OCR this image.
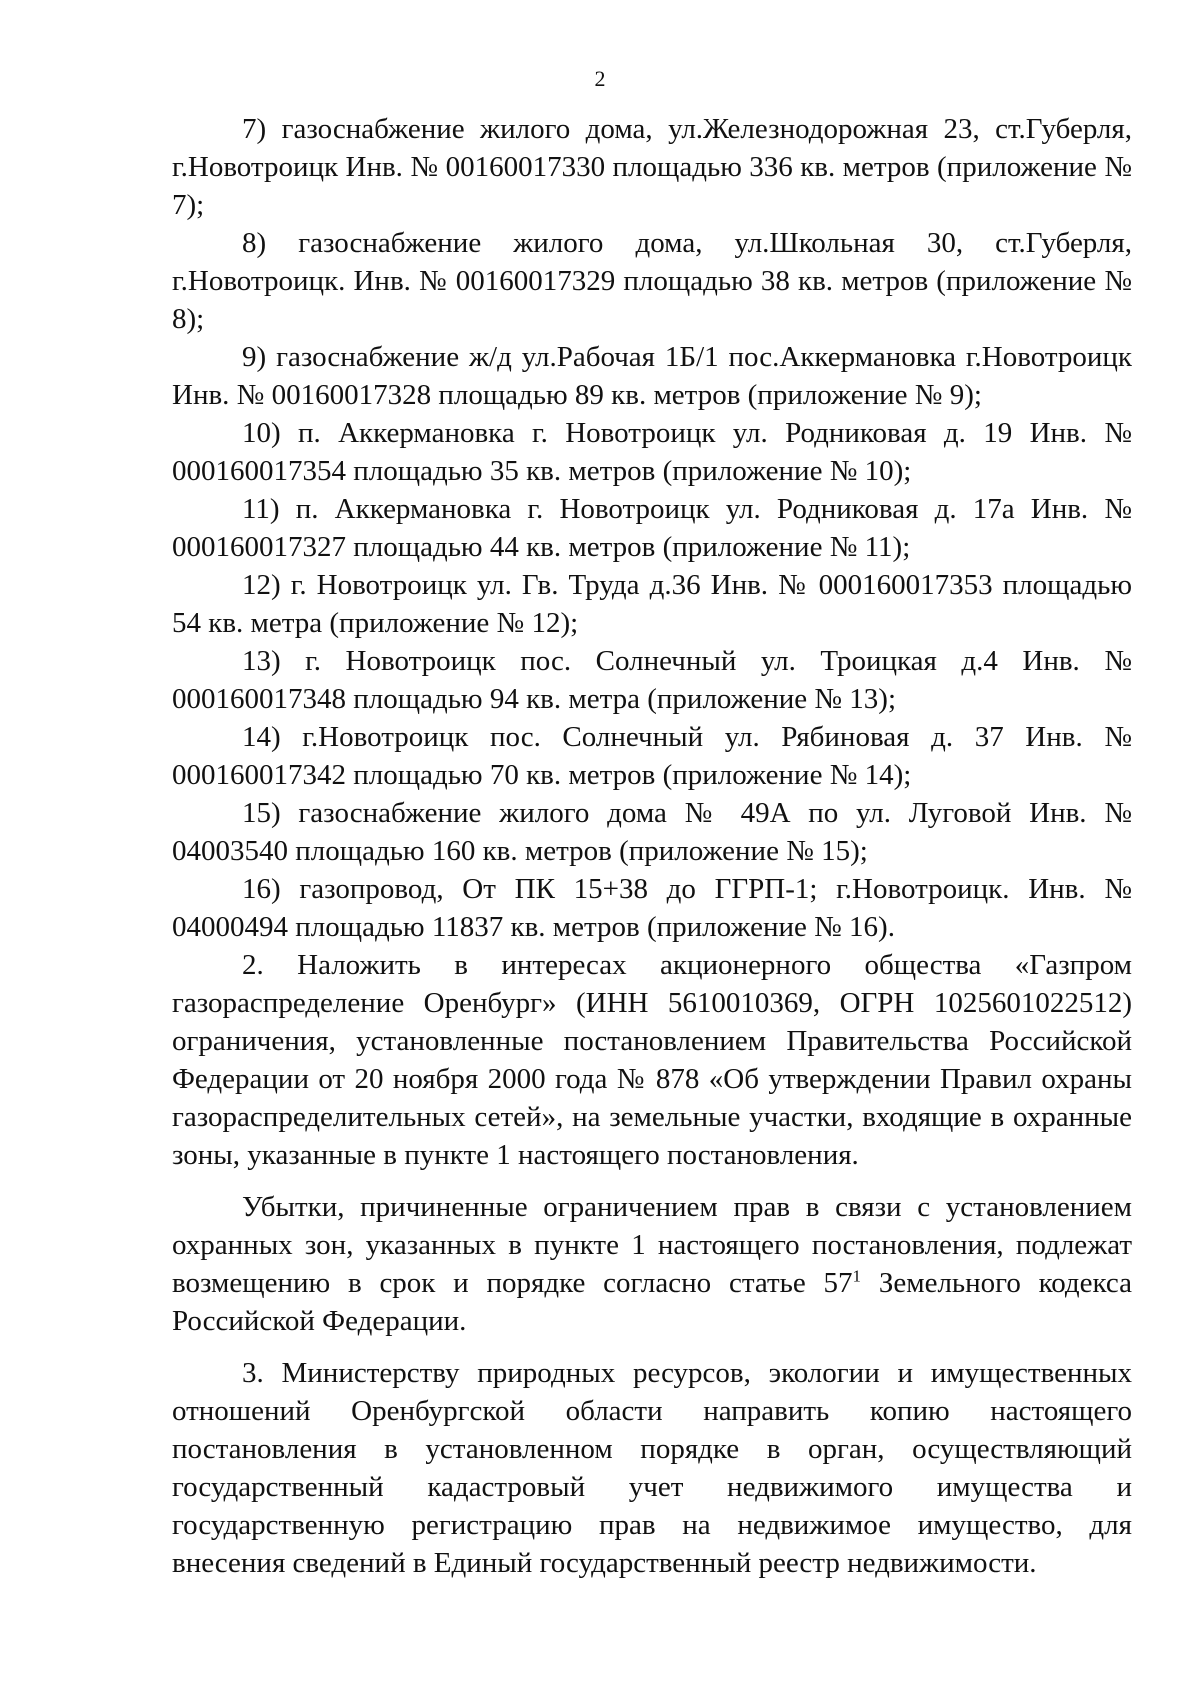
2

7) газоснабжение жилого дома, ул.Железнодорожная 23, ст.Губерля, г.Новотроицк Инв. № 00160017330 площадью 336 кв. метров (приложение № 7);

8) газоснабжение жилого дома, ул.Школьная 30, ст.Губерля, г.Новотроицк. Инв. № 00160017329 площадью 38 кв. метров (приложение № 8);

9) газоснабжение ж/д ул.Рабочая 1Б/1 пос.Аккермановка г.Новотроицк Инв. № 00160017328 площадью 89 кв. метров (приложение № 9);

10) п. Аккермановка г. Новотроицк ул. Родниковая д. 19 Инв. № 000160017354 площадью 35 кв. метров (приложение № 10);

11) п. Аккермановка г. Новотроицк ул. Родниковая д. 17а Инв. № 000160017327 площадью 44 кв. метров (приложение № 11);

12) г. Новотроицк ул. Гв. Труда д.36 Инв. № 000160017353 площадью 54 кв. метра (приложение № 12);

13) г. Новотроицк пос. Солнечный ул. Троицкая д.4 Инв. № 000160017348 площадью 94 кв. метра (приложение № 13);

14) г.Новотроицк пос. Солнечный ул. Рябиновая д. 37 Инв. № 000160017342 площадью 70 кв. метров (приложение № 14);

15) газоснабжение жилого дома № 49А по ул. Луговой Инв. № 04003540 площадью 160 кв. метров (приложение № 15);

16) газопровод, От ПК 15+38 до ГГРП-1; г.Новотроицк. Инв. № 04000494 площадью 11837 кв. метров (приложение № 16).

2. Наложить в интересах акционерного общества «Газпром газораспределение Оренбург» (ИНН 5610010369, ОГРН 1025601022512) ограничения, установленные постановлением Правительства Российской Федерации от 20 ноября 2000 года № 878 «Об утверждении Правил охраны газораспределительных сетей», на земельные участки, входящие в охранные зоны, указанные в пункте 1 настоящего постановления.

Убытки, причиненные ограничением прав в связи с установлением охранных зон, указанных в пункте 1 настоящего постановления, подлежат возмещению в срок и порядке согласно статье $57^1$ Земельного кодекса Российской Федерации.

3. Министерству природных ресурсов, экологии и имущественных отношений Оренбургской области направить копию настоящего постановления в установленном порядке в орган, осуществляющий государственный кадастровый учет недвижимого имущества и государственную регистрацию прав на недвижимое имущество, для внесения сведений в Единый государственный реестр недвижимости.
